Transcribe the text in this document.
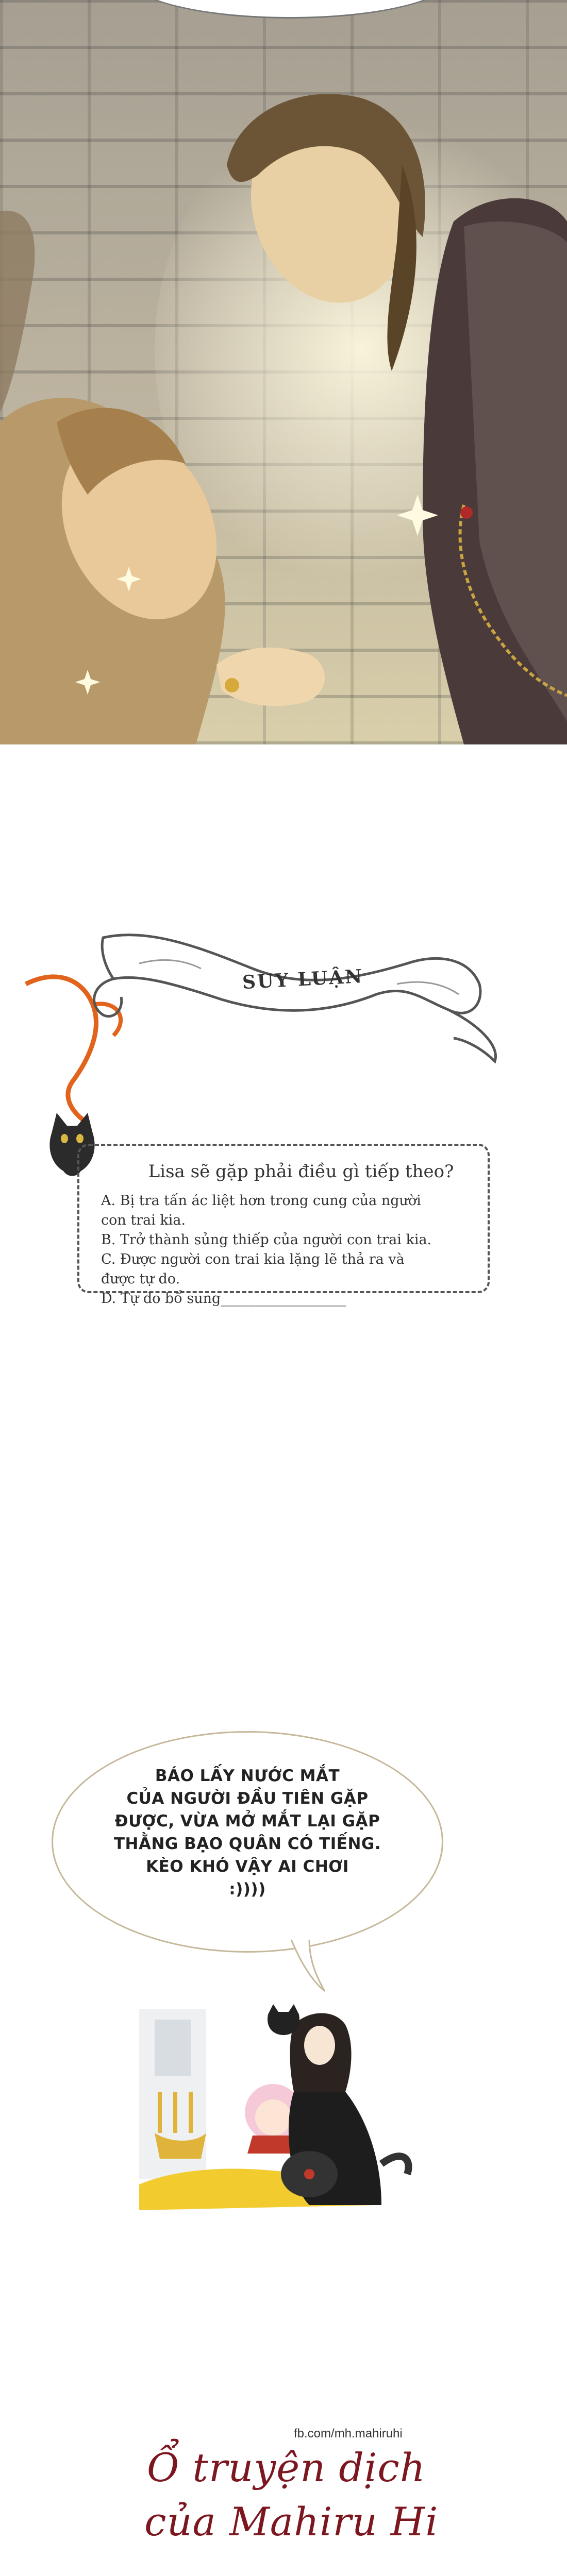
SUY LUẬN
Lisa sẽ gặp phải điều gì tiếp theo?
A. Bị tra tấn ác liệt hơn trong cung của người
con trai kia.
B. Trở thành sủng thiếp của người con trai kia.
C. Được người con trai kia lặng lẽ thả ra và
được tự do.
D. Tự do bổ sung__________________
BÁO LẤY NƯỚC MẮT
CỦA NGƯỜI ĐẦU TIÊN GẶP
ĐƯỢC, VỪA MỞ MẮT LẠI GẶP
THẰNG BẠO QUÂN CÓ TIẾNG.
KÈO KHÓ VẬY AI CHƠI
:))))
fb.com/mh.mahiruhi
Ổ truyện dịch
của Mahiru Hi
